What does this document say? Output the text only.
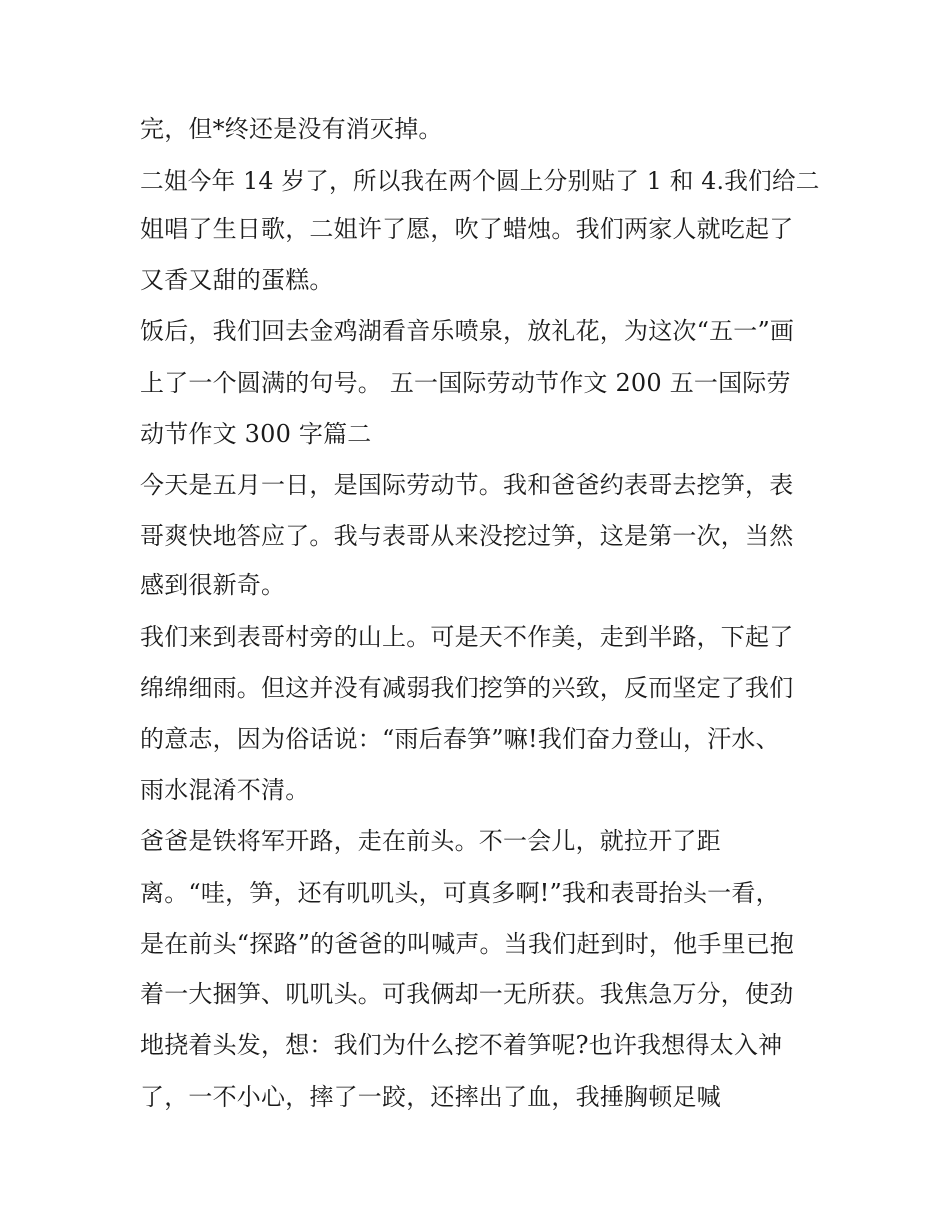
完，但*终还是没有消灭掉。
二姐今年 14 岁了，所以我在两个圆上分别贴了 1 和 4.我们给二
姐唱了生日歌，二姐许了愿，吹了蜡烛。我们两家人就吃起了
又香又甜的蛋糕。
饭后，我们回去金鸡湖看音乐喷泉，放礼花，为这次“五一”画
上了一个圆满的句号。 五一国际劳动节作文 200 五一国际劳
动节作文 300 字篇二
今天是五月一日，是国际劳动节。我和爸爸约表哥去挖笋，表
哥爽快地答应了。我与表哥从来没挖过笋，这是第一次，当然
感到很新奇。
我们来到表哥村旁的山上。可是天不作美，走到半路，下起了
绵绵细雨。但这并没有减弱我们挖笋的兴致，反而坚定了我们
的意志，因为俗话说：“雨后春笋”嘛!我们奋力登山，汗水、
雨水混淆不清。
爸爸是铁将军开路，走在前头。不一会儿，就拉开了距
离。“哇，笋，还有叽叽头，可真多啊!”我和表哥抬头一看，
是在前头“探路”的爸爸的叫喊声。当我们赶到时，他手里已抱
着一大捆笋、叽叽头。可我俩却一无所获。我焦急万分，使劲
地挠着头发，想：我们为什么挖不着笋呢?也许我想得太入神
了，一不小心，摔了一跤，还摔出了血，我捶胸顿足喊
